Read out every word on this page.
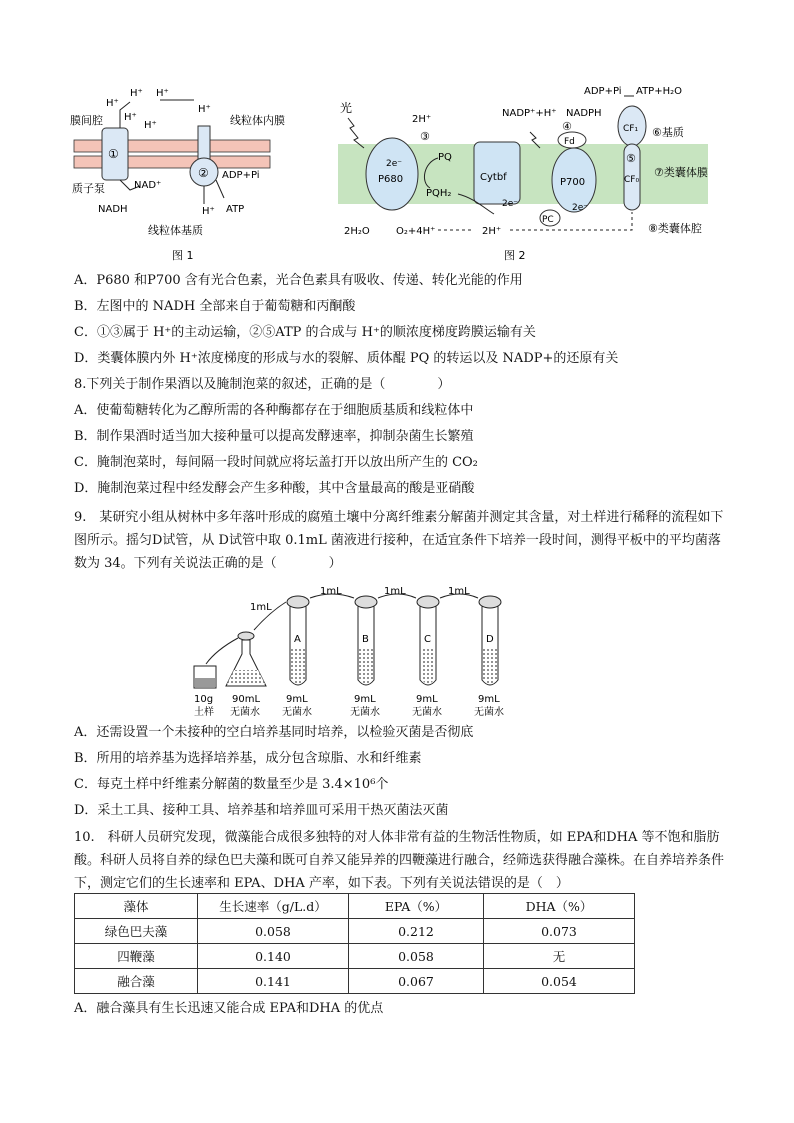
①
②
H⁺
H⁺ H⁺
H⁺
H⁺
H⁺
H⁺
膜间腔	线粒体内膜
质子泵	NAD⁺
NADH
ADP+Pi
ATP
线粒体基质
图 1
2e⁻
P680	Cytbf
2e⁻
P700
2e⁻
Fd
PC
PQ
PQH₂
CF₁
CF₀
⑤
光
2H⁺
③
NADP⁺+H⁺ NADPH
④
ADP+Pi ATP+H₂O
⑥基质
⑦类囊体膜
⑧类囊体腔
2H₂O	O₂+4H⁺	2H⁺
图 2
A．P680 和P700 含有光合色素，光合色素具有吸收、传递、转化光能的作用
B．左图中的 NADH 全部来自于葡萄糖和丙酮酸
C．①③属于 H⁺的主动运输，②⑤ATP 的合成与 H⁺的顺浓度梯度跨膜运输有关
D．类囊体膜内外 H⁺浓度梯度的形成与水的裂解、质体醌 PQ 的转运以及 NADP+的还原有关
8.下列关于制作果酒以及腌制泡菜的叙述，正确的是（　　　　）
A．使葡萄糖转化为乙醇所需的各种酶都存在于细胞质基质和线粒体中
B．制作果酒时适当加大接种量可以提高发酵速率，抑制杂菌生长繁殖
C．腌制泡菜时，每间隔一段时间就应将坛盖打开以放出所产生的 CO₂
D．腌制泡菜过程中经发酵会产生多种酸，其中含量最高的酸是亚硝酸
9.　某研究小组从树林中多年落叶形成的腐殖土壤中分离纤维素分解菌并测定其含量，对土样进行稀释的流程如下图所示。摇匀D试管，从 D试管中取 0.1mL 菌液进行接种，在适宜条件下培养一段时间，测得平板中的平均菌落数为 34。下列有关说法正确的是（　　　　）
A	B	C	D
1mL
1mL	1mL	1mL
10g
土样
90mL
无菌水
9mL
无菌水
9mL
无菌水
9mL
无菌水
9mL
无菌水
A．还需设置一个未接种的空白培养基同时培养，以检验灭菌是否彻底
B．所用的培养基为选择培养基，成分包含琼脂、水和纤维素
C．每克土样中纤维素分解菌的数量至少是 3.4×10⁶个
D．采土工具、接种工具、培养基和培养皿可采用干热灭菌法灭菌
10.　科研人员研究发现，微藻能合成很多独特的对人体非常有益的生物活性物质，如 EPA和DHA 等不饱和脂肪酸。科研人员将自养的绿色巴夫藻和既可自养又能异养的四鞭藻进行融合，经筛选获得融合藻株。在自养培养条件下，测定它们的生长速率和 EPA、DHA 产率，如下表。下列有关说法错误的是（　）
藻体	生长速率（g/L.d）	EPA（%）	DHA（%）
绿色巴夫藻	0.058	0.212	0.073
四鞭藻	0.140	0.058	无
融合藻	0.141	0.067	0.054
A．融合藻具有生长迅速又能合成 EPA和DHA 的优点
